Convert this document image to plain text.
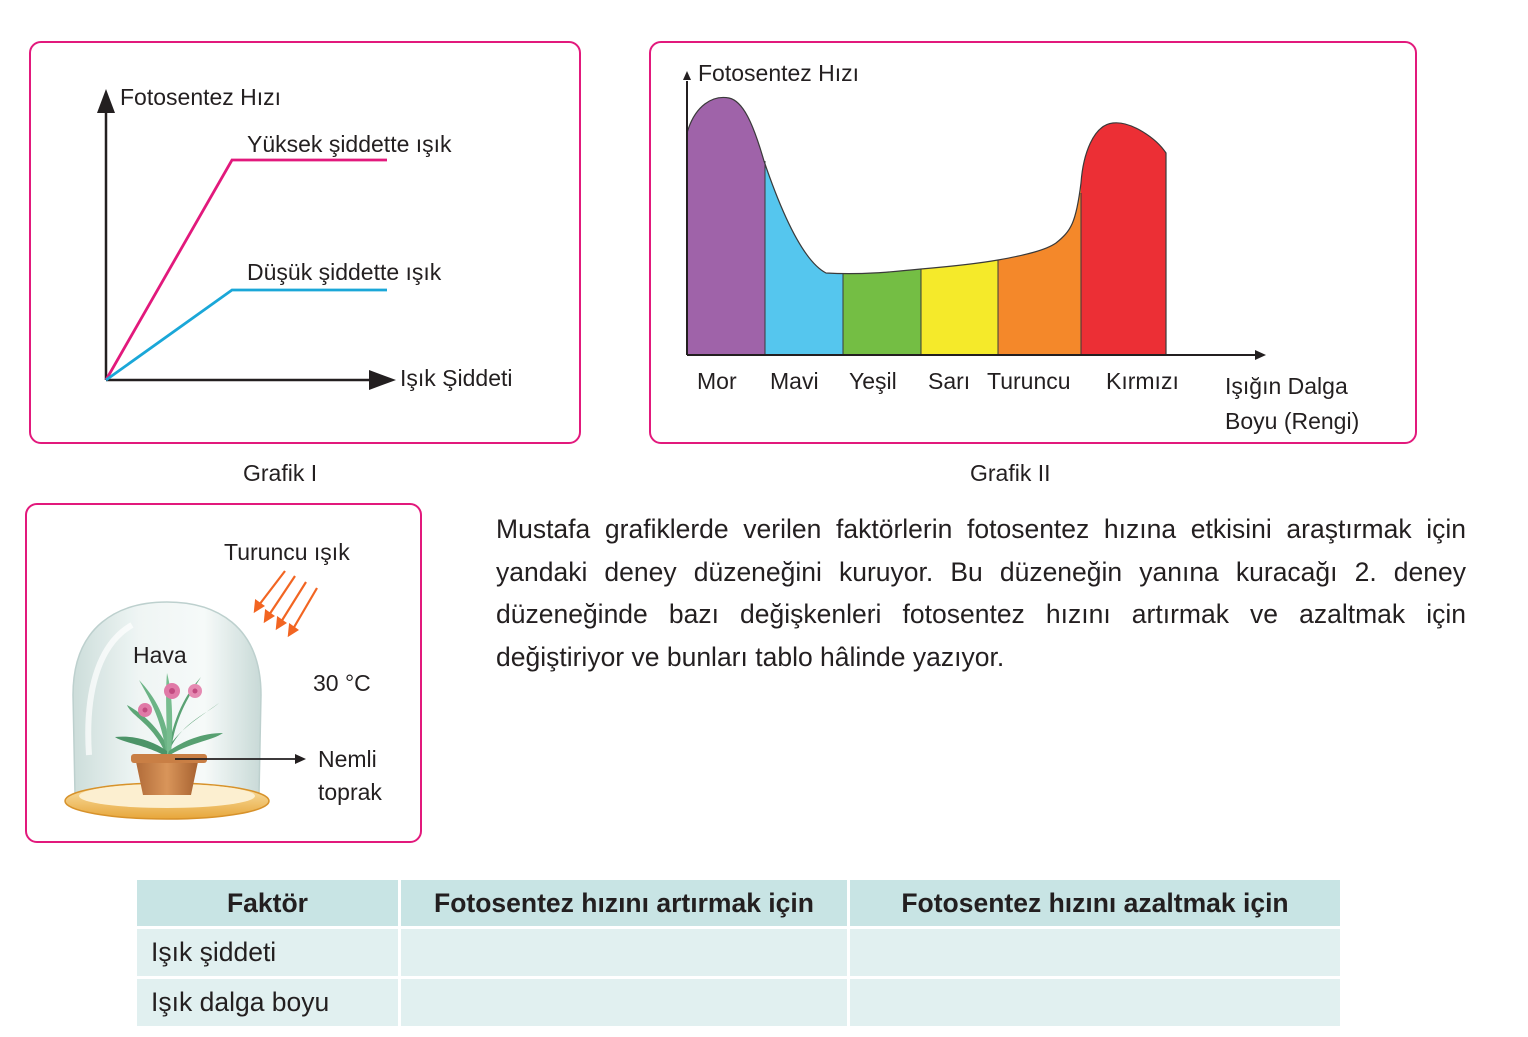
Fotosentez Hızı
Yüksek şiddette ışık
Düşük şiddette ışık
Işık Şiddeti
Grafik I
Fotosentez Hızı
Mor Mavi Yeşil Sarı Turuncu Kırmızı Işığın Dalga
Boyu (Rengi)
Grafik II
Turuncu ışık
Hava
30 °C
Nemli
toprak
Mustafa grafiklerde verilen faktörlerin fotosentez hızına etkisini araştırmak için yandaki deney düzeneğini kuruyor. Bu düzeneğin yanına kuracağı 2. deney düzeneğinde bazı değişkenleri fotosentez hızını artırmak ve azaltmak için değiştiriyor ve bunları tablo hâlinde yazıyor.
Faktör	Fotosentez hızını artırmak için	Fotosentez hızını azaltmak için
Işık şiddeti		
Işık dalga boyu		
